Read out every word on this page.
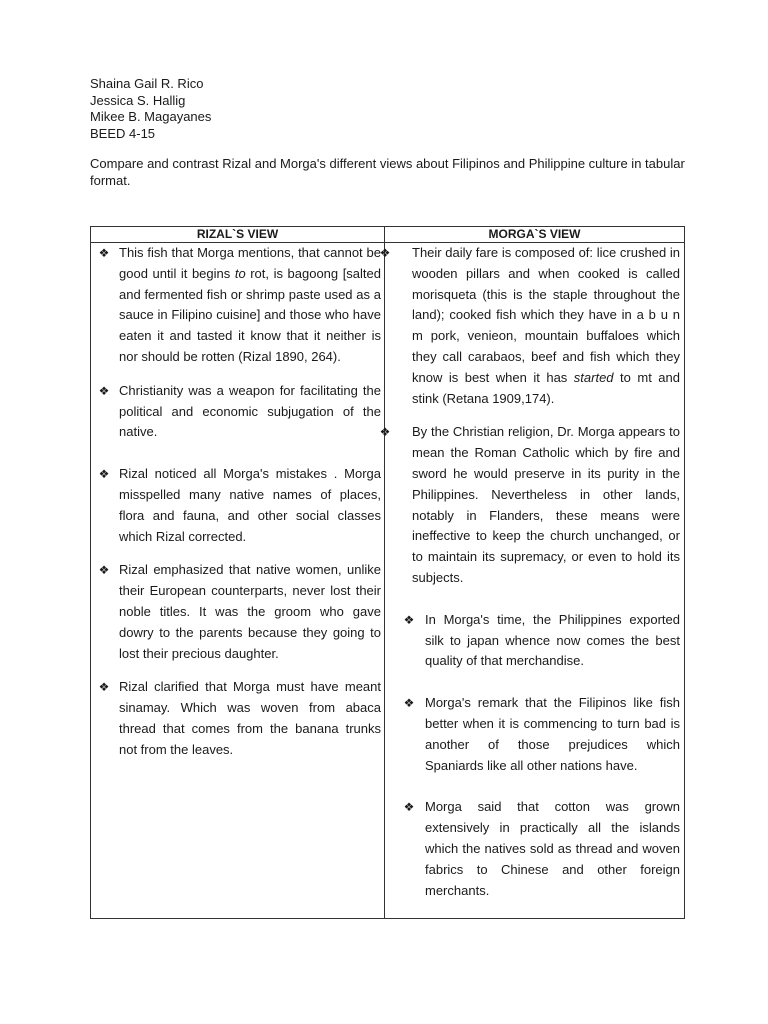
Shaina Gail R. Rico
Jessica S. Hallig
Mikee B. Magayanes
BEED 4-15
Compare and contrast Rizal and Morga's different views about Filipinos and Philippine culture in tabular format.
RIZAL`S VIEW	MORGA`S VIEW
❖ This fish that Morga mentions, that cannot be good until it begins to rot, is bagoong [salted and fermented fish or shrimp paste used as a sauce in Filipino cuisine] and those who have eaten it and tasted it know that it neither is nor should be rotten (Rizal 1890, 264).
❖ Christianity was a weapon for facilitating the political and economic subjugation of the native.
❖ Rizal noticed all Morga's mistakes . Morga misspelled many native names of places, flora and fauna, and other social classes which Rizal corrected.
❖ Rizal emphasized that native women, unlike their European counterparts, never lost their noble titles. It was the groom who gave dowry to the parents because they going to lost their precious daughter.
❖ Rizal clarified that Morga must have meant sinamay. Which was woven from abaca thread that comes from the banana trunks not from the leaves.
❖ Their daily fare is composed of: lice crushed in wooden pillars and when cooked is called morisqueta (this is the staple throughout the land); cooked fish which they have in a b u n m pork, venieon, mountain buffaloes which they call carabaos, beef and fish which they know is best when it has started to mt and stink (Retana 1909,174).
❖ By the Christian religion, Dr. Morga appears to mean the Roman Catholic which by fire and sword he would preserve in its purity in the Philippines. Nevertheless in other lands, notably in Flanders, these means were ineffective to keep the church unchanged, or to maintain its supremacy, or even to hold its subjects.
❖ In Morga's time, the Philippines exported silk to japan whence now comes the best quality of that merchandise.
❖ Morga's remark that the Filipinos like fish better when it is commencing to turn bad is another of those prejudices which Spaniards like all other nations have.
❖ Morga said that cotton was grown extensively in practically all the islands which the natives sold as thread and woven fabrics to Chinese and other foreign merchants.
